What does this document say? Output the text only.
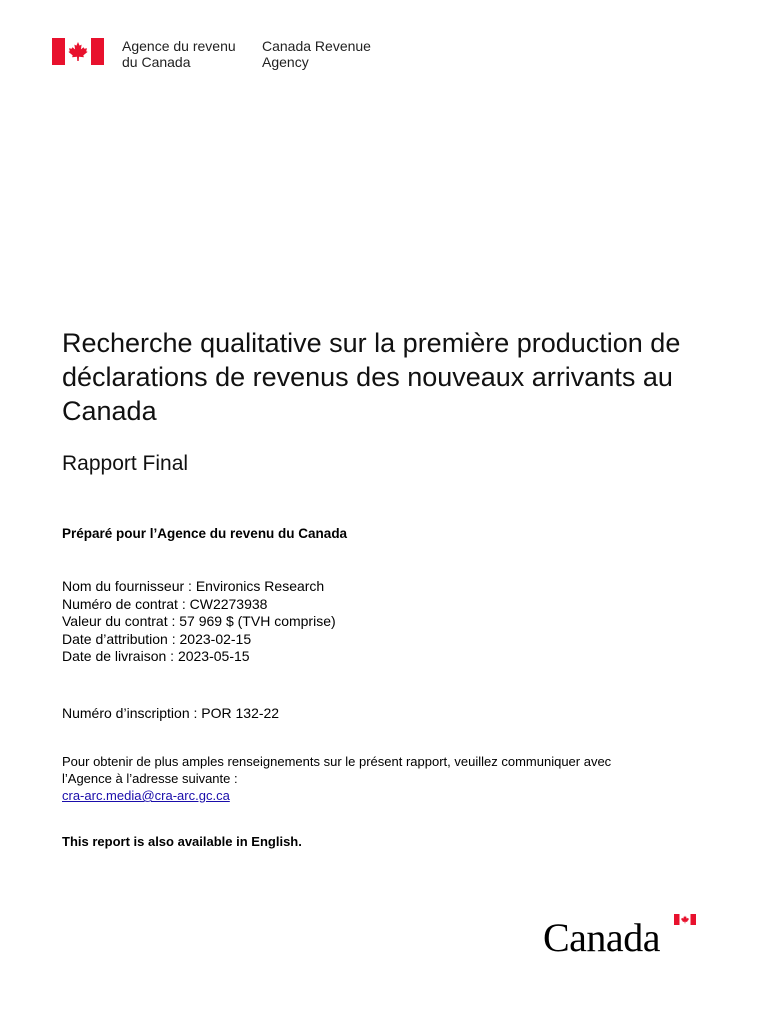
Agence du revenu
du Canada
Canada Revenue
Agency
Recherche qualitative sur la première production de déclarations de revenus des nouveaux arrivants au Canada
Rapport Final
Préparé pour l’Agence du revenu du Canada
Nom du fournisseur : Environics Research
Numéro de contrat : CW2273938
Valeur du contrat : 57 969 $ (TVH comprise)
Date d’attribution : 2023-02-15
Date de livraison : 2023-05-15
Numéro d’inscription : POR 132-22
Pour obtenir de plus amples renseignements sur le présent rapport, veuillez communiquer avec
l’Agence à l’adresse suivante :
cra-arc.media@cra-arc.gc.ca
This report is also available in English.
Canada
